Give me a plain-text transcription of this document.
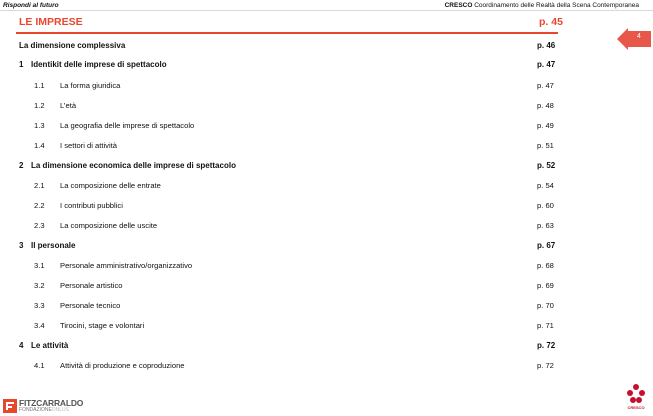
Rispondi al futuro	CRESCO Coordinamento delle Realtà della Scena Contemporanea
LE IMPRESE	p. 45
4
La dimensione complessiva	p. 46
1 Identikit delle imprese di spettacolo	p. 47
1.1 La forma giuridica	p. 47
1.2 L’età	p. 48
1.3 La geografia delle imprese di spettacolo	p. 49
1.4 I settori di attività	p. 51
2 La dimensione economica delle imprese di spettacolo	p. 52
2.1 La composizione delle entrate	p. 54
2.2 I contributi pubblici	p. 60
2.3 La composizione delle uscite	p. 63
3 Il personale	p. 67
3.1 Personale amministrativo/organizzativo	p. 68
3.2 Personale artistico	p. 69
3.3 Personale tecnico	p. 70
3.4 Tirocini, stage e volontari	p. 71
4 Le attività	p. 72
4.1 Attività di produzione e coproduzione	p. 72
FITZCARRALDO
FONDAZIONEONLUS	CRESCO
